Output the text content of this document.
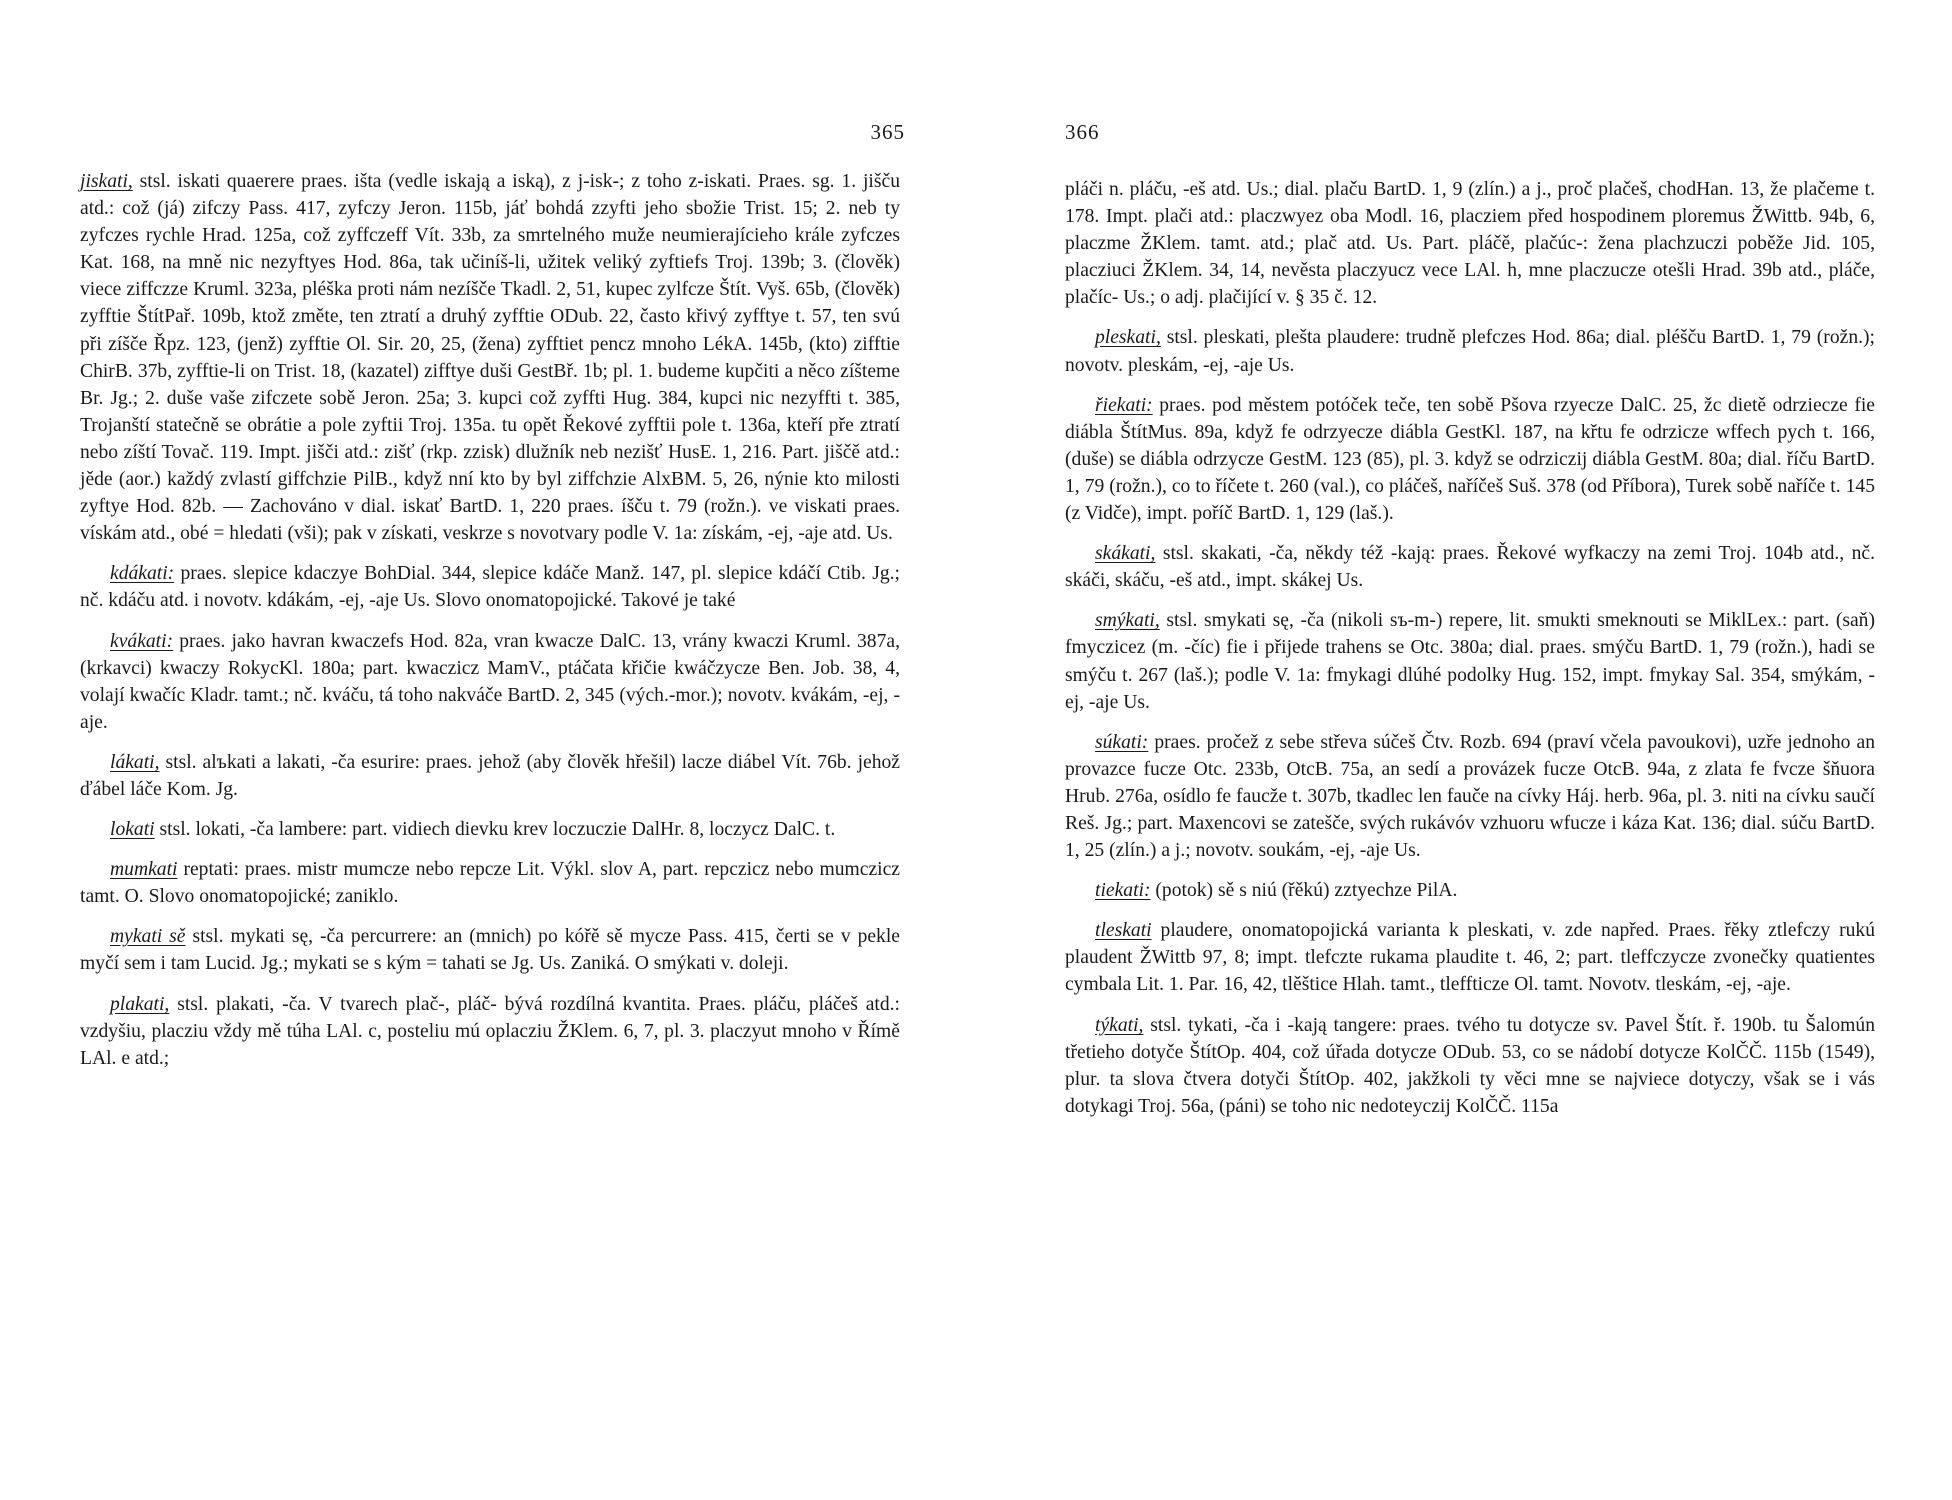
365

jiskati, stsl. iskati quaerere praes. išta (vedle iskają a iską), z j-isk-; z toho z-iskati. Praes. sg. 1. jišču atd.: což (já) zifczy Pass. 417, zyfczy Jeron. 115b, jáť bohdá zzyfti jeho sbožie Trist. 15; 2. neb ty zyfczes rychle Hrad. 125a, což zyffczeff Vít. 33b, za smrtelného muže neumierajícieho krále zyfczes Kat. 168, na mně nic nezyftyes Hod. 86a, tak učiníš-li, užitek veliký zyftiefs Troj. 139b; 3. (člověk) viece ziffczze Kruml. 323a, pléška proti nám nezíšče Tkadl. 2, 51, kupec zylfcze Štít. Vyš. 65b, (člověk) zyfftie ŠtítPař. 109b, ktož změte, ten ztratí a druhý zyfftie ODub. 22, často křivý zyfftye t. 57, ten svú při zíšče Řpz. 123, (jenž) zyfftie Ol. Sir. 20, 25, (žena) zyfftiet pencz mnoho LékA. 145b, (kto) zifftie ChirB. 37b, zyfftie-li on Trist. 18, (kazatel) zifftye duši GestBř. 1b; pl. 1. budeme kupčiti a něco zíšteme Br. Jg.; 2. duše vaše zifczete sobě Jeron. 25a; 3. kupci což zyffti Hug. 384, kupci nic nezyffti t. 385, Trojanští statečně se obrátie a pole zyftii Troj. 135a. tu opět Řekové zyfftii pole t. 136a, kteří pře ztratí nebo zíští Tovač. 119. Impt. jišči atd.: zišť (rkp. zzisk) dlužník neb nezišť HusE. 1, 216. Part. jiščě atd.: jěde (aor.) každý zvlastí giffchzie PilB., když nní kto by byl ziffchzie AlxBM. 5, 26, nýnie kto milosti zyftye Hod. 82b. — Zachováno v dial. iskať BartD. 1, 220 praes. íšču t. 79 (rožn.). ve viskati praes. vískám atd., obé = hledati (vši); pak v získati, veskrze s novotvary podle V. 1a: získám, -ej, -aje atd. Us.

kdákati: praes. slepice kdaczye BohDial. 344, slepice kdáče Manž. 147, pl. slepice kdáčí Ctib. Jg.; nč. kdáču atd. i novotv. kdákám, -ej, -aje Us. Slovo onomatopojické. Takové je také

kvákati: praes. jako havran kwaczefs Hod. 82a, vran kwacze DalC. 13, vrány kwaczi Kruml. 387a, (krkavci) kwaczy RokycKl. 180a; part. kwaczicz MamV., ptáčata křičie kwáčzycze Ben. Job. 38, 4, volají kwačíc Kladr. tamt.; nč. kváču, tá toho nakváče BartD. 2, 345 (vých.-mor.); novotv. kvákám, -ej, -aje.

lákati, stsl. alъkati a lakati, -ča esurire: praes. jehož (aby člověk hřešil) lacze diábel Vít. 76b. jehož ďábel láče Kom. Jg.

lokati stsl. lokati, -ča lambere: part. vidiech dievku krev loczuczie DalHr. 8, loczycz DalC. t.

mumkati reptati: praes. mistr mumcze nebo repcze Lit. Výkl. slov A, part. repczicz nebo mumczicz tamt. O. Slovo onomatopojické; zaniklo.

mykati sě stsl. mykati sę, -ča percurrere: an (mnich) po kóřě sě mycze Pass. 415, čerti se v pekle myčí sem i tam Lucid. Jg.; mykati se s kým = tahati se Jg. Us. Zaniká. O smýkati v. doleji.

plakati, stsl. plakati, -ča. V tvarech plač-, pláč- bývá rozdílná kvantita. Praes. pláču, pláčeš atd.: vzdyšiu, placziu vždy mě túha LAl. c, posteliu mú oplacziu ŽKlem. 6, 7, pl. 3. placzyut mnoho v Římě LAl. e atd.;

366

pláči n. pláču, -eš atd. Us.; dial. plaču BartD. 1, 9 (zlín.) a j., proč plačeš, chodHan. 13, že plačeme t. 178. Impt. plači atd.: placzwyez oba Modl. 16, placziem před hospodinem ploremus ŽWittb. 94b, 6, placzme ŽKlem. tamt. atd.; plač atd. Us. Part. pláčě, plačúc-: žena plachzuczi poběže Jid. 105, placziuci ŽKlem. 34, 14, nevěsta placzyucz vece LAl. h, mne placzucze otešli Hrad. 39b atd., pláče, plačíc- Us.; o adj. plačijící v. § 35 č. 12.

pleskati, stsl. pleskati, plešta plaudere: trudně plefczes Hod. 86a; dial. pléšču BartD. 1, 79 (rožn.); novotv. pleskám, -ej, -aje Us.

řiekati: praes. pod městem potóček teče, ten sobě Pšova rzyecze DalC. 25, žc dietě odrziecze fie diábla ŠtítMus. 89a, když fe odrzyecze diábla GestKl. 187, na křtu fe odrzicze wffech pych t. 166, (duše) se diábla odrzycze GestM. 123 (85), pl. 3. když se odrziczij diábla GestM. 80a; dial. říču BartD. 1, 79 (rožn.), co to říčete t. 260 (val.), co pláčeš, naříčeš Suš. 378 (od Příbora), Turek sobě naříče t. 145 (z Vidče), impt. poříč BartD. 1, 129 (laš.).

skákati, stsl. skakati, -ča, někdy též -kają: praes. Řekové wyfkaczy na zemi Troj. 104b atd., nč. skáči, skáču, -eš atd., impt. skákej Us.

smýkati, stsl. smykati sę, -ča (nikoli sъ-m-) repere, lit. smukti smeknouti se MiklLex.: part. (saň) fmyczicez (m. -číc) fie i přijede trahens se Otc. 380a; dial. praes. smýču BartD. 1, 79 (rožn.), hadi se smýču t. 267 (laš.); podle V. 1a: fmykagi dlúhé podolky Hug. 152, impt. fmykay Sal. 354, smýkám, -ej, -aje Us.

súkati: praes. pročež z sebe střeva súčeš Čtv. Rozb. 694 (praví včela pavoukovi), uzře jednoho an provazce fucze Otc. 233b, OtcB. 75a, an sedí a provázek fucze OtcB. 94a, z zlata fe fvcze šňuora Hrub. 276a, osídlo fe faucže t. 307b, tkadlec len fauče na cívky Háj. herb. 96a, pl. 3. niti na cívku saučí Reš. Jg.; part. Maxencovi se zatešče, svých rukávóv vzhuoru wfucze i káza Kat. 136; dial. súču BartD. 1, 25 (zlín.) a j.; novotv. soukám, -ej, -aje Us.

tiekati: (potok) sě s niú (řěkú) zztyechze PilA.

tleskati plaudere, onomatopojická varianta k pleskati, v. zde napřed. Praes. řěky ztlefczy rukú plaudent ŽWittb 97, 8; impt. tlefczte rukama plaudite t. 46, 2; part. tleffczycze zvonečky quatientes cymbala Lit. 1. Par. 16, 42, tlěštice Hlah. tamt., tleffticze Ol. tamt. Novotv. tleskám, -ej, -aje.

týkati, stsl. tykati, -ča i -kają tangere: praes. tvého tu dotycze sv. Pavel Štít. ř. 190b. tu Šalomún třetieho dotyče ŠtítOp. 404, což úřada dotycze ODub. 53, co se nádobí dotycze KolČČ. 115b (1549), plur. ta slova čtvera dotyči ŠtítOp. 402, jakžkoli ty věci mne se najviece dotyczy, však se i vás dotykagi Troj. 56a, (páni) se toho nic nedoteyczij KolČČ. 115a
